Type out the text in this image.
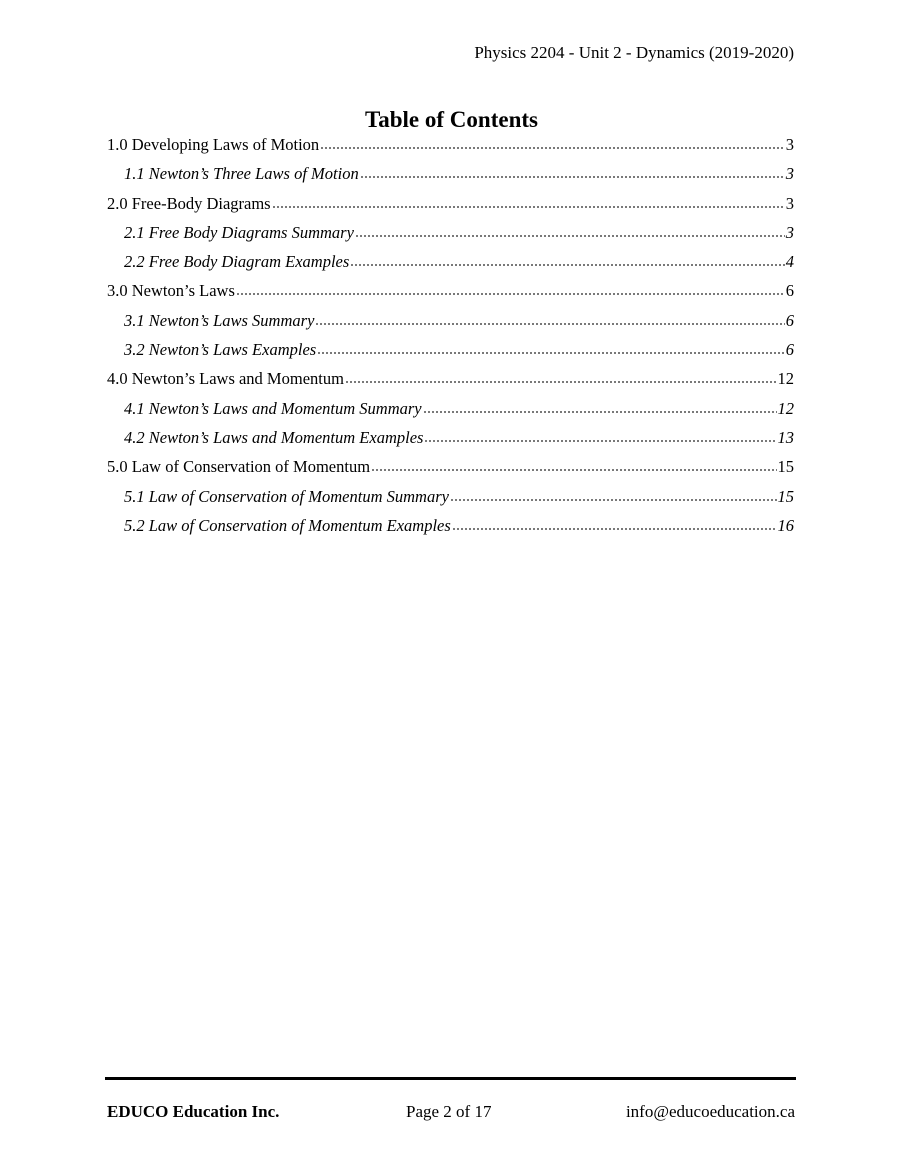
Physics 2204 - Unit 2 - Dynamics (2019-2020)
Table of Contents
1.0 Developing Laws of Motion	3
1.1 Newton’s Three Laws of Motion	3
2.0 Free-Body Diagrams	3
2.1 Free Body Diagrams Summary	3
2.2 Free Body Diagram Examples	4
3.0 Newton’s Laws	6
3.1 Newton’s Laws Summary	6
3.2 Newton’s Laws Examples	6
4.0 Newton’s Laws and Momentum	12
4.1 Newton’s Laws and Momentum Summary	12
4.2 Newton’s Laws and Momentum Examples	13
5.0 Law of Conservation of Momentum	15
5.1 Law of Conservation of Momentum Summary	15
5.2 Law of Conservation of Momentum Examples	16
EDUCO Education Inc.	Page 2 of 17	info@educoeducation.ca
